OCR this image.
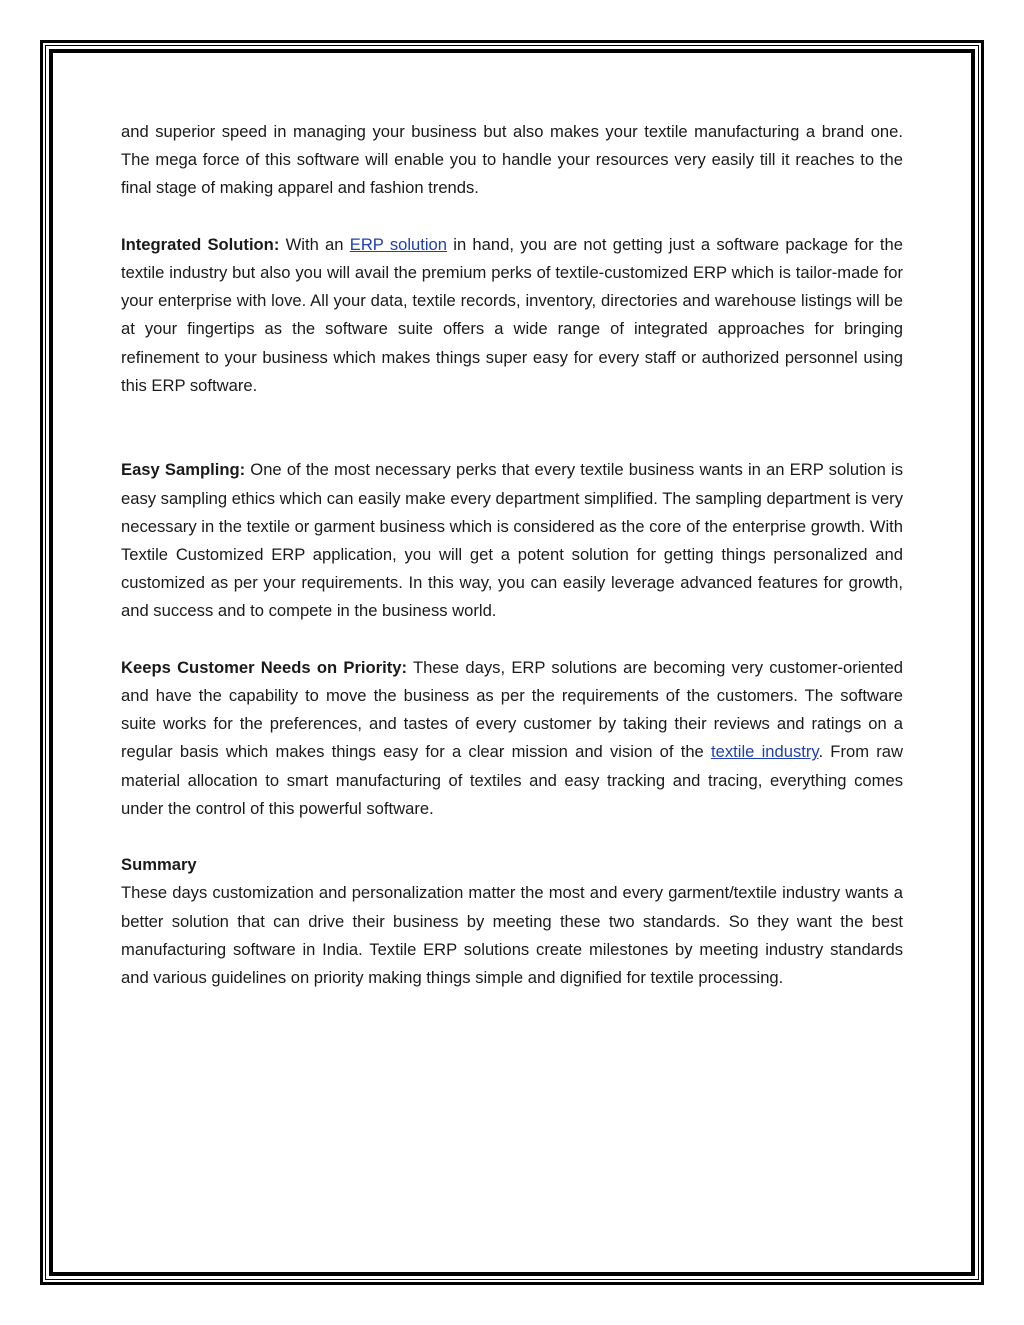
and superior speed in managing your business but also makes your textile manufacturing a brand one. The mega force of this software will enable you to handle your resources very easily till it reaches to the final stage of making apparel and fashion trends.

Integrated Solution: With an ERP solution in hand, you are not getting just a software package for the textile industry but also you will avail the premium perks of textile-customized ERP which is tailor-made for your enterprise with love. All your data, textile records, inventory, directories and warehouse listings will be at your fingertips as the software suite offers a wide range of integrated approaches for bringing refinement to your business which makes things super easy for every staff or authorized personnel using this ERP software.

Easy Sampling: One of the most necessary perks that every textile business wants in an ERP solution is easy sampling ethics which can easily make every department simplified. The sampling department is very necessary in the textile or garment business which is considered as the core of the enterprise growth. With Textile Customized ERP application, you will get a potent solution for getting things personalized and customized as per your requirements. In this way, you can easily leverage advanced features for growth, and success and to compete in the business world.

Keeps Customer Needs on Priority: These days, ERP solutions are becoming very customer-oriented and have the capability to move the business as per the requirements of the customers. The software suite works for the preferences, and tastes of every customer by taking their reviews and ratings on a regular basis which makes things easy for a clear mission and vision of the textile industry. From raw material allocation to smart manufacturing of textiles and easy tracking and tracing, everything comes under the control of this powerful software.

Summary

These days customization and personalization matter the most and every garment/textile industry wants a better solution that can drive their business by meeting these two standards. So they want the best manufacturing software in India. Textile ERP solutions create milestones by meeting industry standards and various guidelines on priority making things simple and dignified for textile processing.
